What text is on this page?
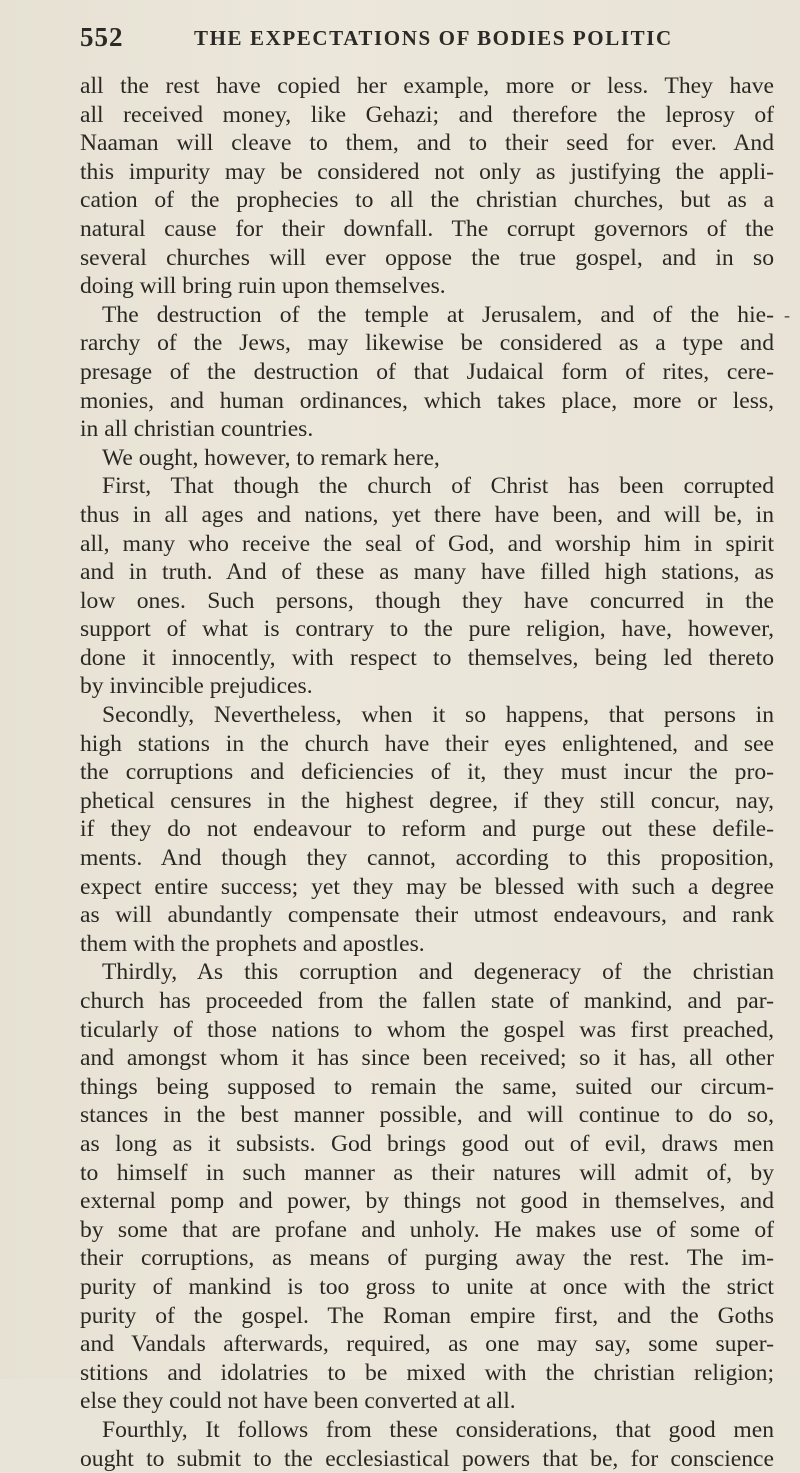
552	THE EXPECTATIONS OF BODIES POLITIC
all the rest have copied her example, more or less. They have
all received money, like Gehazi; and therefore the leprosy of
Naaman will cleave to them, and to their seed for ever. And
this impurity may be considered not only as justifying the appli-
cation of the prophecies to all the christian churches, but as a
natural cause for their downfall. The corrupt governors of the
several churches will ever oppose the true gospel, and in so
doing will bring ruin upon themselves.
The destruction of the temple at Jerusalem, and of the hie-
rarchy of the Jews, may likewise be considered as a type and
presage of the destruction of that Judaical form of rites, cere-
monies, and human ordinances, which takes place, more or less,
in all christian countries.
We ought, however, to remark here,
First, That though the church of Christ has been corrupted
thus in all ages and nations, yet there have been, and will be, in
all, many who receive the seal of God, and worship him in spirit
and in truth. And of these as many have filled high stations, as
low ones. Such persons, though they have concurred in the
support of what is contrary to the pure religion, have, however,
done it innocently, with respect to themselves, being led thereto
by invincible prejudices.
Secondly, Nevertheless, when it so happens, that persons in
high stations in the church have their eyes enlightened, and see
the corruptions and deficiencies of it, they must incur the pro-
phetical censures in the highest degree, if they still concur, nay,
if they do not endeavour to reform and purge out these defile-
ments. And though they cannot, according to this proposition,
expect entire success; yet they may be blessed with such a degree
as will abundantly compensate their utmost endeavours, and rank
them with the prophets and apostles.
Thirdly, As this corruption and degeneracy of the christian
church has proceeded from the fallen state of mankind, and par-
ticularly of those nations to whom the gospel was first preached,
and amongst whom it has since been received; so it has, all other
things being supposed to remain the same, suited our circum-
stances in the best manner possible, and will continue to do so,
as long as it subsists. God brings good out of evil, draws men
to himself in such manner as their natures will admit of, by
external pomp and power, by things not good in themselves, and
by some that are profane and unholy. He makes use of some of
their corruptions, as means of purging away the rest. The im-
purity of mankind is too gross to unite at once with the strict
purity of the gospel. The Roman empire first, and the Goths
and Vandals afterwards, required, as one may say, some super-
stitions and idolatries to be mixed with the christian religion;
else they could not have been converted at all.
Fourthly, It follows from these considerations, that good men
ought to submit to the ecclesiastical powers that be, for conscience
-
